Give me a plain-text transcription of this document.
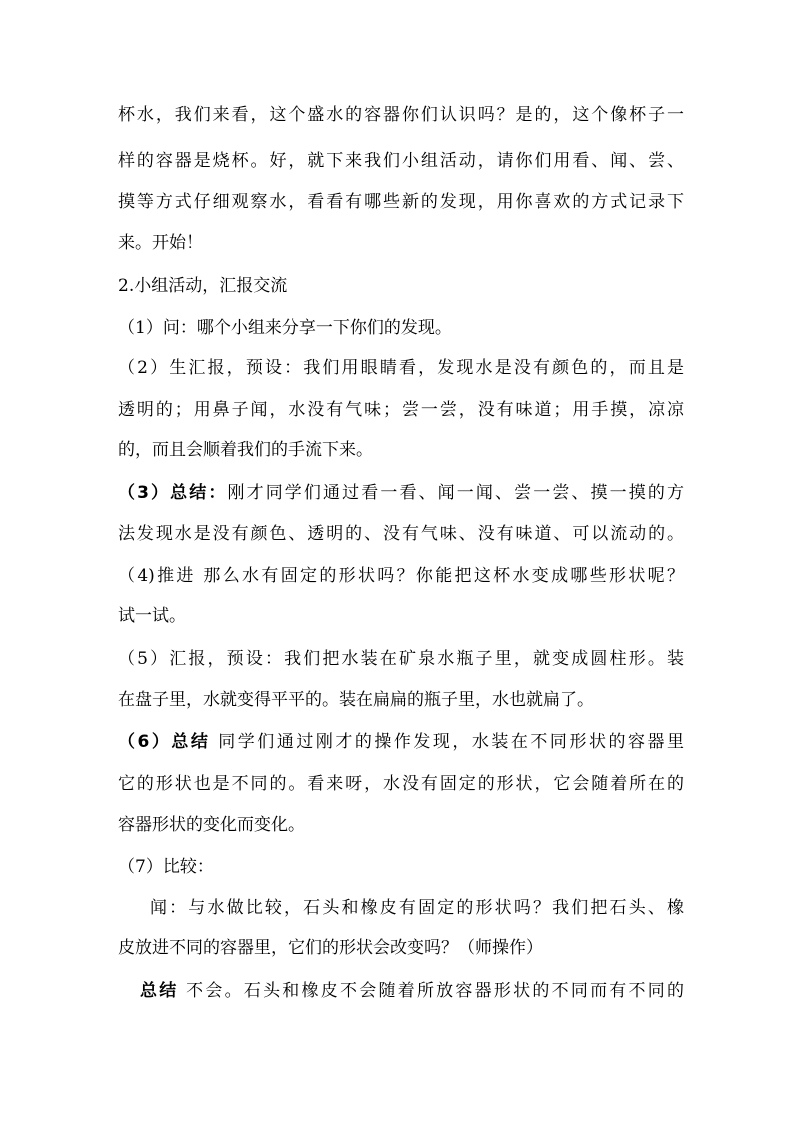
杯水，我们来看，这个盛水的容器你们认识吗？是的，这个像杯子一
样的容器是烧杯。好，就下来我们小组活动，请你们用看、闻、尝、
摸等方式仔细观察水，看看有哪些新的发现，用你喜欢的方式记录下
来。开始！
2.小组活动，汇报交流
（1）问：哪个小组来分享一下你们的发现。
（2）生汇报，预设：我们用眼睛看，发现水是没有颜色的，而且是
透明的；用鼻子闻，水没有气味；尝一尝，没有味道；用手摸，凉凉
的，而且会顺着我们的手流下来。
（3）总结：刚才同学们通过看一看、闻一闻、尝一尝、摸一摸的方
法发现水是没有颜色、透明的、没有气味、没有味道、可以流动的。
（4)推进 那么水有固定的形状吗？你能把这杯水变成哪些形状呢？
试一试。
（5）汇报，预设：我们把水装在矿泉水瓶子里，就变成圆柱形。装
在盘子里，水就变得平平的。装在扁扁的瓶子里，水也就扁了。
（6）总结 同学们通过刚才的操作发现，水装在不同形状的容器里
它的形状也是不同的。看来呀，水没有固定的形状，它会随着所在的
容器形状的变化而变化。
（7）比较：
闻：与水做比较，石头和橡皮有固定的形状吗？我们把石头、橡
皮放进不同的容器里，它们的形状会改变吗？（师操作）
总结 不会。石头和橡皮不会随着所放容器形状的不同而有不同的
